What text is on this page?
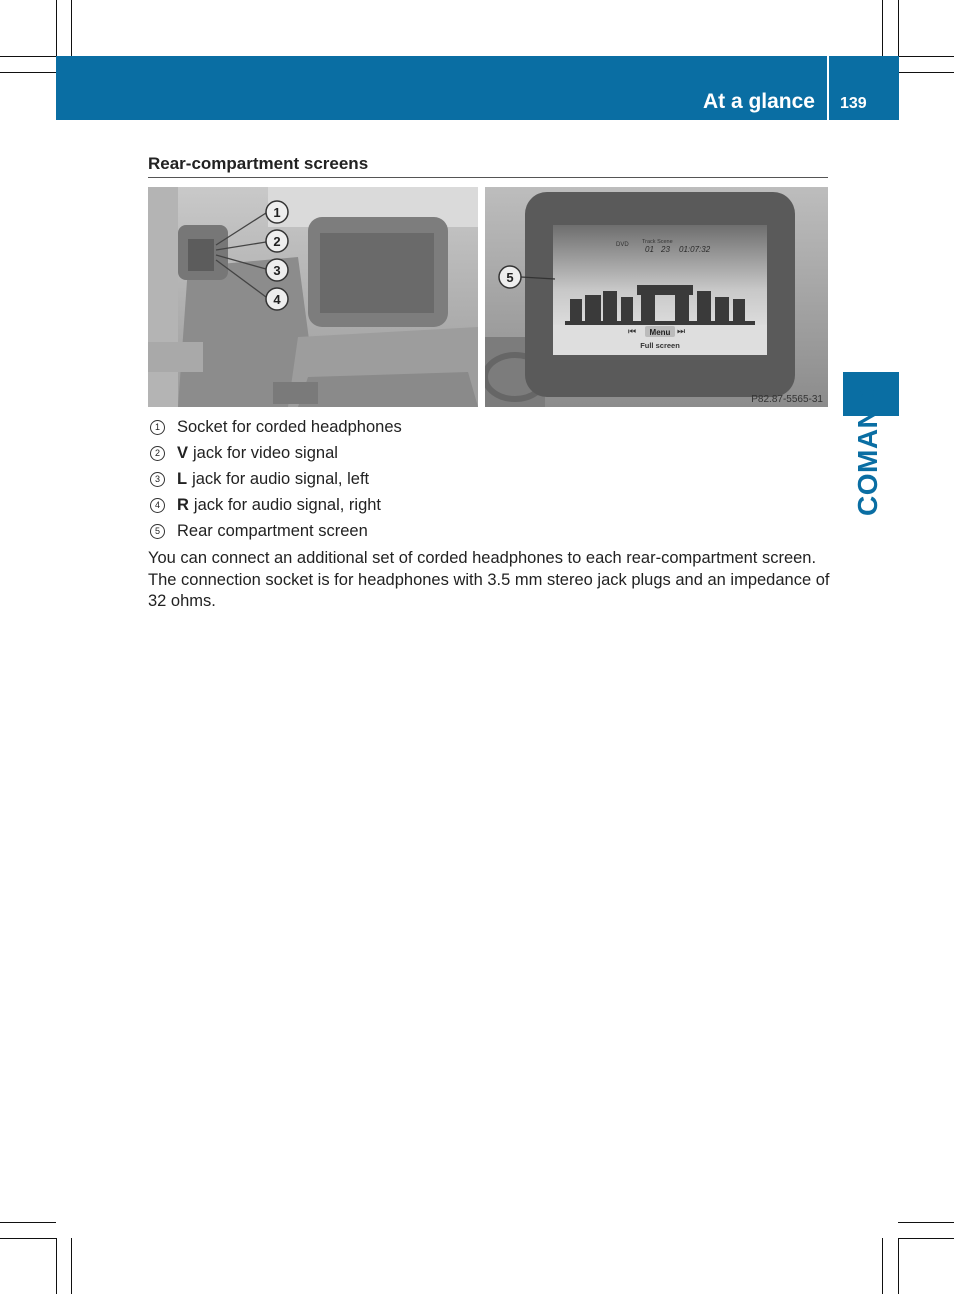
At a glance 139
COMAND
Rear-compartment screens
1
2
3
4
⏮ Menu ⏭
Full screen
DVD Track Scene
01 23 01:07:32
5
P82.87-5565-31
1	Socket for corded headphones
2	V jack for video signal
3	L jack for audio signal, left
4	R jack for audio signal, right
5	Rear compartment screen
You can connect an additional set of corded headphones to each rear-compartment screen. The connection socket is for headphones with 3.5 mm stereo jack plugs and an impedance of 32 ohms.
